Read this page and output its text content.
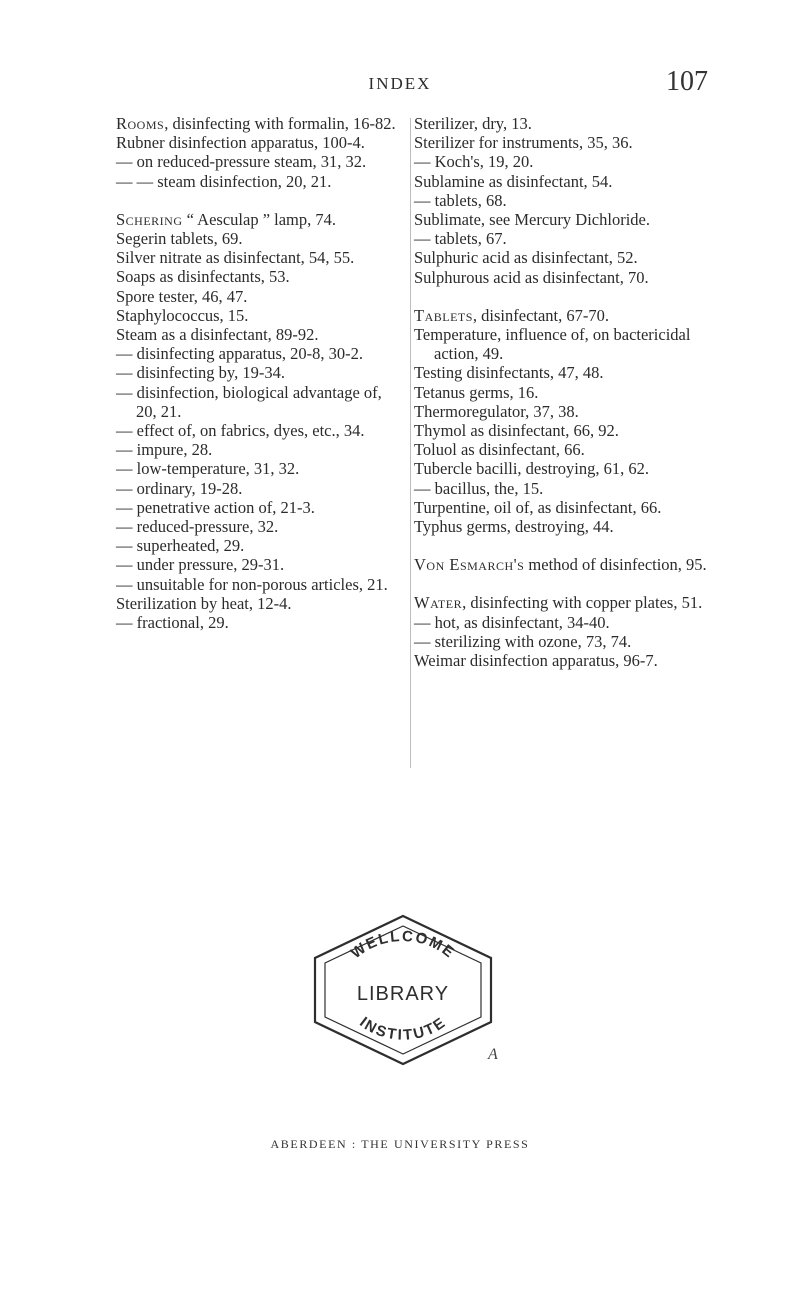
INDEX	107
Rooms, disinfecting with formalin, 16-82.
Rubner disinfection apparatus, 100-4.
— on reduced-pressure steam, 31, 32.
— — steam disinfection, 20, 21.
Schering “ Aesculap ” lamp, 74.
Segerin tablets, 69.
Silver nitrate as disinfectant, 54, 55.
Soaps as disinfectants, 53.
Spore tester, 46, 47.
Staphylococcus, 15.
Steam as a disinfectant, 89-92.
— disinfecting apparatus, 20-8, 30-2.
— disinfecting by, 19-34.
— disinfection, biological advantage of, 20, 21.
— effect of, on fabrics, dyes, etc., 34.
— impure, 28.
— low-temperature, 31, 32.
— ordinary, 19-28.
— penetrative action of, 21-3.
— reduced-pressure, 32.
— superheated, 29.
— under pressure, 29-31.
— unsuitable for non-porous articles, 21.
Sterilization by heat, 12-4.
— fractional, 29.
Sterilizer, dry, 13.
Sterilizer for instruments, 35, 36.
— Koch's, 19, 20.
Sublamine as disinfectant, 54.
— tablets, 68.
Sublimate, see Mercury Dichloride.
— tablets, 67.
Sulphuric acid as disinfectant, 52.
Sulphurous acid as disinfectant, 70.
Tablets, disinfectant, 67-70.
Temperature, influence of, on bactericidal action, 49.
Testing disinfectants, 47, 48.
Tetanus germs, 16.
Thermoregulator, 37, 38.
Thymol as disinfectant, 66, 92.
Toluol as disinfectant, 66.
Tubercle bacilli, destroying, 61, 62.
— bacillus, the, 15.
Turpentine, oil of, as disinfectant, 66.
Typhus germs, destroying, 44.
Von Esmarch's method of disinfection, 95.
Water, disinfecting with copper plates, 51.
— hot, as disinfectant, 34-40.
— sterilizing with ozone, 73, 74.
Weimar disinfection apparatus, 96-7.
WELLCOME
LIBRARY
INSTITUTE
A
ABERDEEN : THE UNIVERSITY PRESS
